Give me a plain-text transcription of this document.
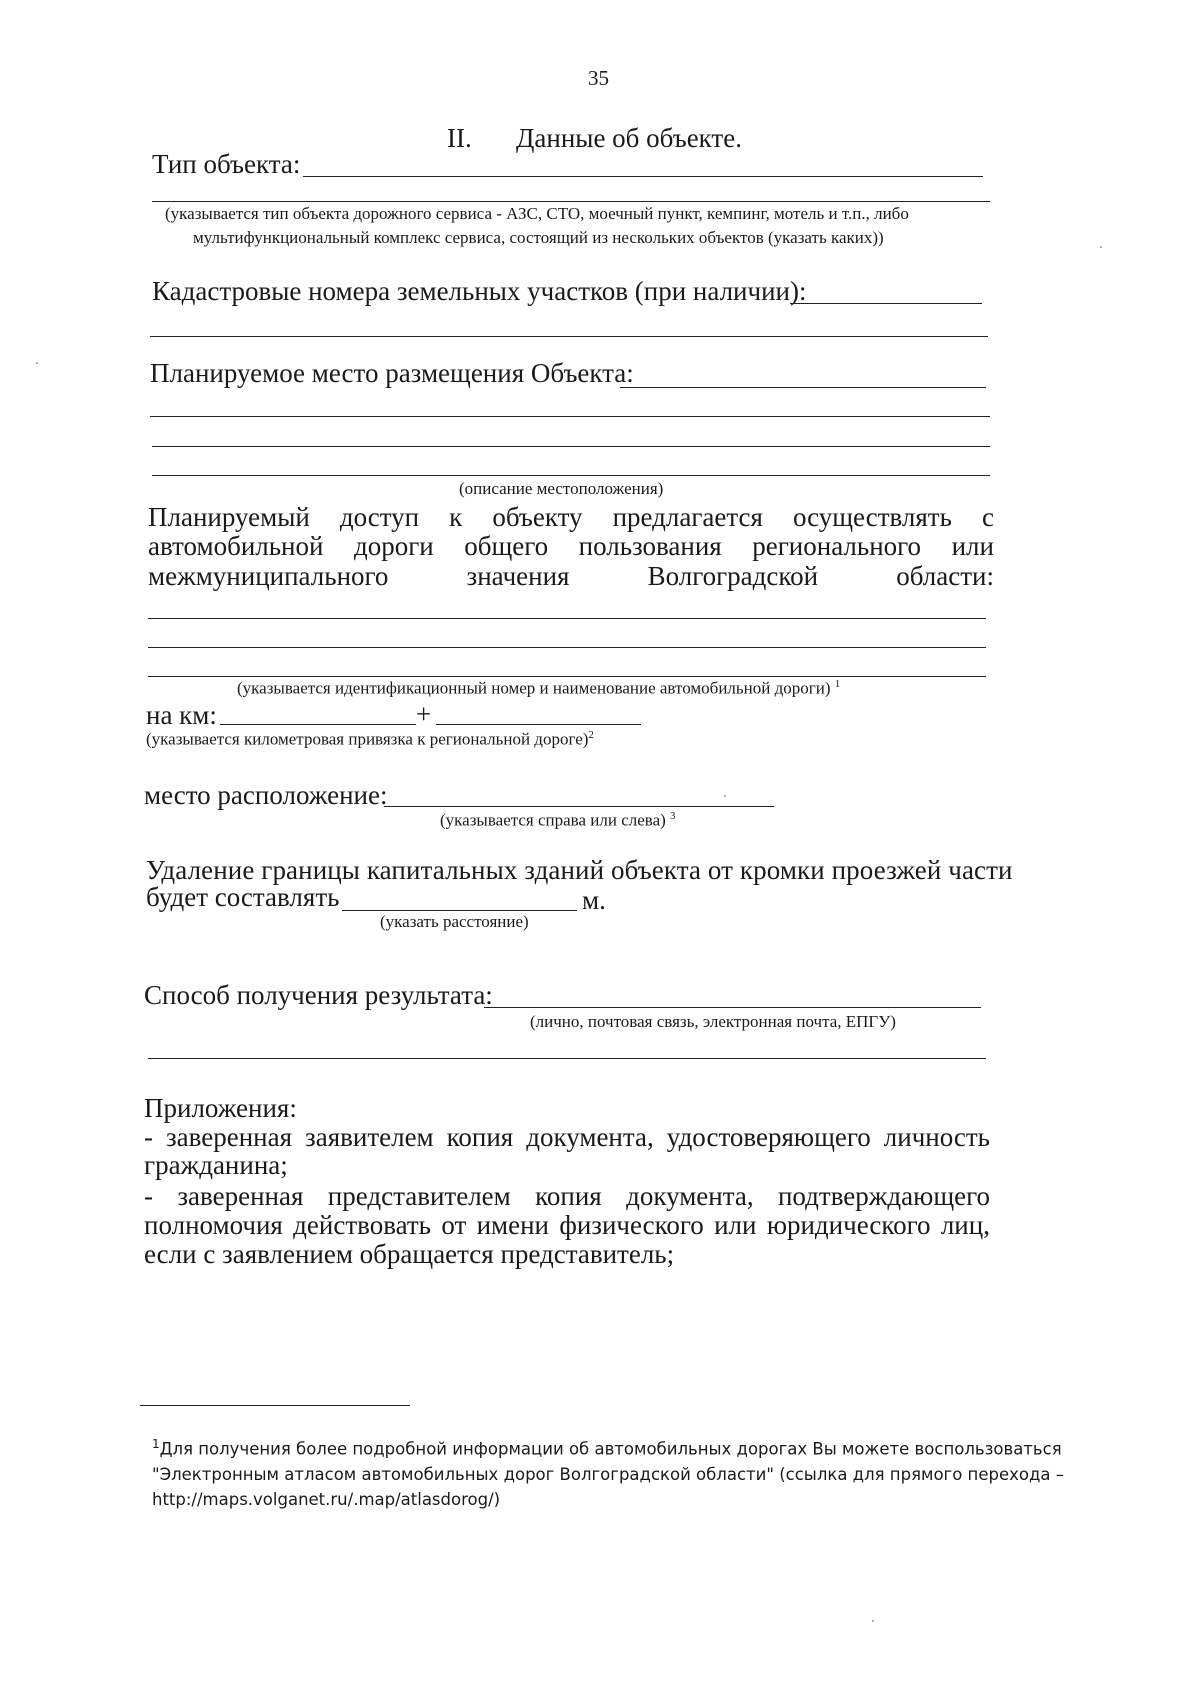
35
II. Данные об объекте.
Тип объекта:
(указывается тип объекта дорожного сервиса - АЗС, СТО, моечный пункт, кемпинг, мотель и т.п., либо
мультифункциональный комплекс сервиса, состоящий из нескольких объектов (указать каких))
Кадастровые номера земельных участков (при наличии):
Планируемое место размещения Объекта:
(описание местоположения)
Планируемый доступ к объекту предлагается осуществлять с
автомобильной дороги общего пользования регионального или
межмуниципального	значения	Волгоградской	области:
(указывается идентификационный номер и наименование автомобильной дороги) $^1$
на км:	+
(указывается километровая привязка к региональной дороге)$^2$
место расположение:
(указывается справа или слева) $^3$
Удаление границы капитальных зданий объекта от кромки проезжей части
будет составлять	м.
(указать расстояние)
Способ получения результата:
(лично, почтовая связь, электронная почта, ЕПГУ)
Приложения:
- заверенная заявителем копия документа, удостоверяющего личность
гражданина;
- заверенная представителем копия документа, подтверждающего
полномочия действовать от имени физического или юридического лиц,
если с заявлением обращается представитель;
$^1$Для получения более подробной информации об автомобильных дорогах Вы можете воспользоваться "Электронным атласом автомобильных дорог Волгоградской области" (ссылка для прямого перехода – http://maps.volganet.ru/.map/atlasdorog/)
